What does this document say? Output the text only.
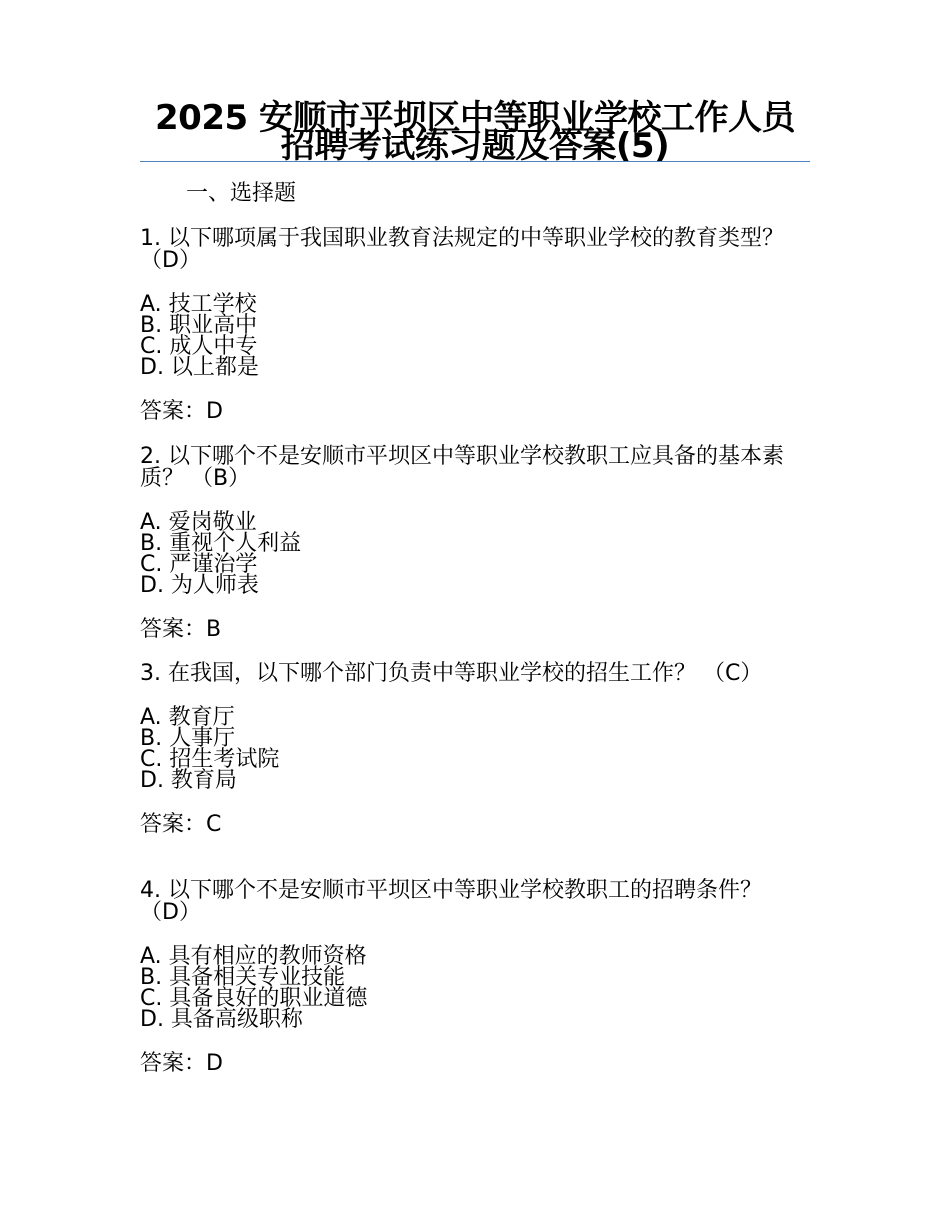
2025 安顺市平坝区中等职业学校工作人员招聘考试练习题及答案(5)
一、选择题

1. 以下哪项属于我国职业教育法规定的中等职业学校的教育类型？ （D）

A. 技工学校
B. 职业高中
C. 成人中专
D. 以上都是

答案：D

2. 以下哪个不是安顺市平坝区中等职业学校教职工应具备的基本素质？ （B）

A. 爱岗敬业
B. 重视个人利益
C. 严谨治学
D. 为人师表

答案：B

3. 在我国，以下哪个部门负责中等职业学校的招生工作？ （C）

A. 教育厅
B. 人事厅
C. 招生考试院
D. 教育局

答案：C

4. 以下哪个不是安顺市平坝区中等职业学校教职工的招聘条件？ （D）

A. 具有相应的教师资格
B. 具备相关专业技能
C. 具备良好的职业道德
D. 具备高级职称

答案：D
